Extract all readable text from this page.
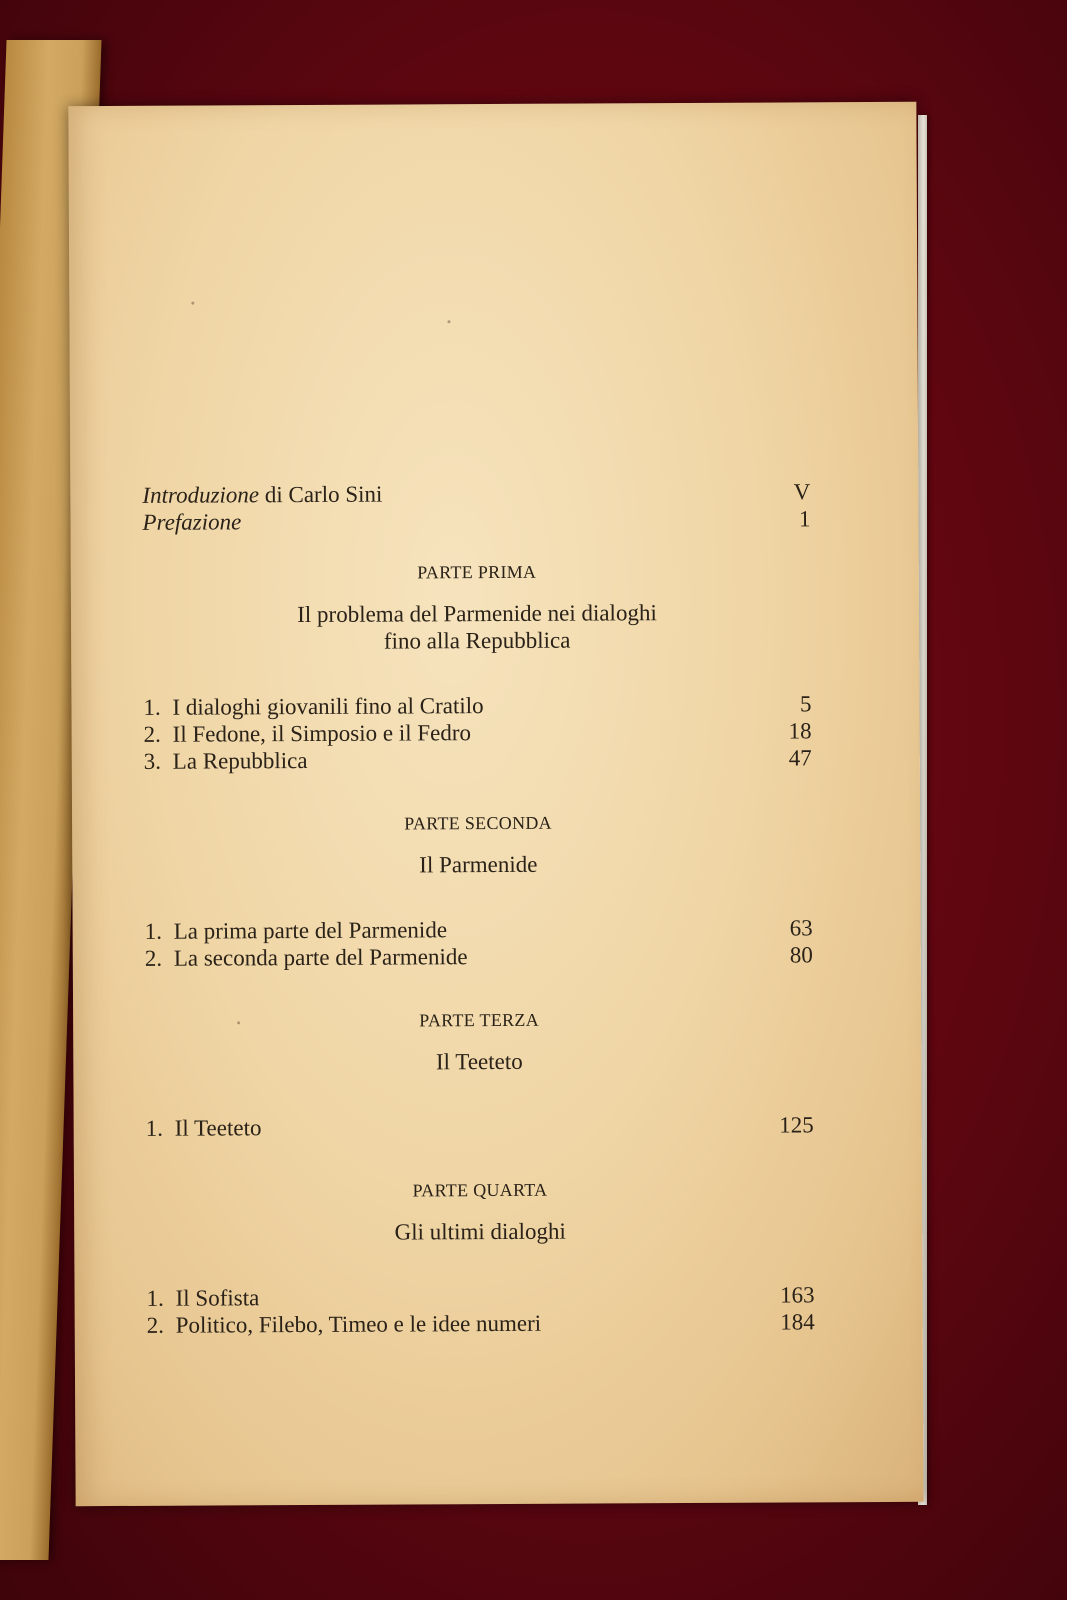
Introduzione di Carlo Sini	V
Prefazione	1
PARTE PRIMA
Il problema del Parmenide nei dialoghi
fino alla Repubblica
1. I dialoghi giovanili fino al Cratilo	5
2. Il Fedone, il Simposio e il Fedro	18
3. La Repubblica	47
PARTE SECONDA
Il Parmenide
1. La prima parte del Parmenide	63
2. La seconda parte del Parmenide	80
PARTE TERZA
Il Teeteto
1. Il Teeteto	125
PARTE QUARTA
Gli ultimi dialoghi
1. Il Sofista	163
2. Politico, Filebo, Timeo e le idee numeri	184
